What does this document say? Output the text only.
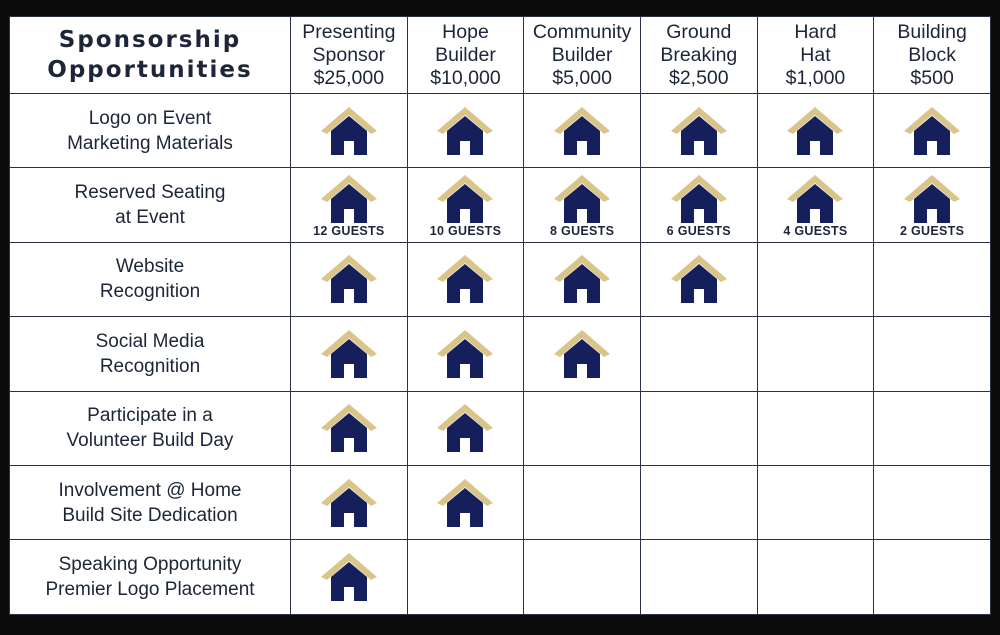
Sponsorship
Opportunities	Presenting
Sponsor
$25,000	Hope
Builder
$10,000	Community
Builder
$5,000	Ground
Breaking
$2,500	Hard
Hat
$1,000	Building
Block
$500

Logo on Event
Marketing Materials

Reserved Seating
at Event	12 GUESTS	10 GUESTS	8 GUESTS	6 GUESTS	4 GUESTS	2 GUESTS

Website
Recognition

Social Media
Recognition

Participate in a
Volunteer Build Day

Involvement @ Home
Build Site Dedication

Speaking Opportunity
Premier Logo Placement
